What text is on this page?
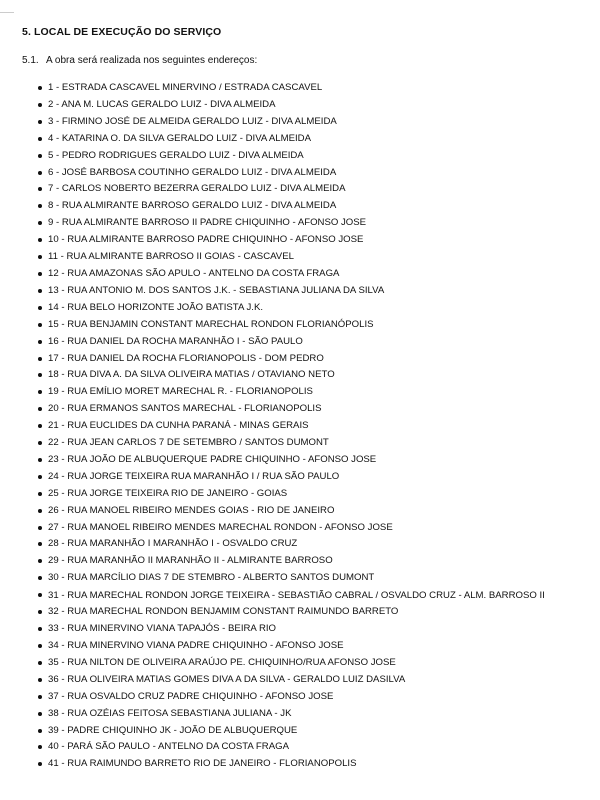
5. LOCAL DE EXECUÇÃO DO SERVIÇO
5.1. A obra será realizada nos seguintes endereços:
1 - ESTRADA CASCAVEL MINERVINO / ESTRADA CASCAVEL
2 - ANA M. LUCAS GERALDO LUIZ - DIVA ALMEIDA
3 - FIRMINO JOSÉ DE ALMEIDA GERALDO LUIZ - DIVA ALMEIDA
4 - KATARINA O. DA SILVA GERALDO LUIZ - DIVA ALMEIDA
5 - PEDRO RODRIGUES GERALDO LUIZ - DIVA ALMEIDA
6 - JOSÉ BARBOSA COUTINHO GERALDO LUIZ - DIVA ALMEIDA
7 - CARLOS NOBERTO BEZERRA GERALDO LUIZ - DIVA ALMEIDA
8 - RUA ALMIRANTE BARROSO GERALDO LUIZ - DIVA ALMEIDA
9 - RUA ALMIRANTE BARROSO II PADRE CHIQUINHO - AFONSO JOSE
10 - RUA ALMIRANTE BARROSO PADRE CHIQUINHO - AFONSO JOSE
11 - RUA ALMIRANTE BARROSO II GOIAS - CASCAVEL
12 - RUA AMAZONAS SÃO APULO - ANTELNO DA COSTA FRAGA
13 - RUA ANTONIO M. DOS SANTOS J.K. - SEBASTIANA JULIANA DA SILVA
14 - RUA BELO HORIZONTE JOÃO BATISTA J.K.
15 - RUA BENJAMIN CONSTANT MARECHAL RONDON FLORIANÓPOLIS
16 - RUA DANIEL DA ROCHA MARANHÃO I - SÃO PAULO
17 - RUA DANIEL DA ROCHA FLORIANOPOLIS - DOM PEDRO
18 - RUA DIVA A. DA SILVA OLIVEIRA MATIAS / OTAVIANO NETO
19 - RUA EMÍLIO MORET MARECHAL R. - FLORIANOPOLIS
20 - RUA ERMANOS SANTOS MARECHAL - FLORIANOPOLIS
21 - RUA EUCLIDES DA CUNHA PARANÁ - MINAS GERAIS
22 - RUA JEAN CARLOS 7 DE SETEMBRO / SANTOS DUMONT
23 - RUA JOÃO DE ALBUQUERQUE PADRE CHIQUINHO - AFONSO JOSE
24 - RUA JORGE TEIXEIRA RUA MARANHÃO I / RUA SÃO PAULO
25 - RUA JORGE TEIXEIRA RIO DE JANEIRO - GOIAS
26 - RUA MANOEL RIBEIRO MENDES GOIAS - RIO DE JANEIRO
27 - RUA MANOEL RIBEIRO MENDES MARECHAL RONDON - AFONSO JOSE
28 - RUA MARANHÃO I MARANHÃO I - OSVALDO CRUZ
29 - RUA MARANHÃO II MARANHÃO II - ALMIRANTE BARROSO
30 - RUA MARCÍLIO DIAS 7 DE STEMBRO - ALBERTO SANTOS DUMONT
31 - RUA MARECHAL RONDON JORGE TEIXEIRA - SEBASTIÃO CABRAL / OSVALDO CRUZ - ALM. BARROSO II
32 - RUA MARECHAL RONDON BENJAMIM CONSTANT RAIMUNDO BARRETO
33 - RUA MINERVINO VIANA TAPAJÓS - BEIRA RIO
34 - RUA MINERVINO VIANA PADRE CHIQUINHO - AFONSO JOSE
35 - RUA NILTON DE OLIVEIRA ARAÚJO PE. CHIQUINHO/RUA AFONSO JOSE
36 - RUA OLIVEIRA MATIAS GOMES DIVA A DA SILVA - GERALDO LUIZ DASILVA
37 - RUA OSVALDO CRUZ PADRE CHIQUINHO - AFONSO JOSE
38 - RUA OZÉIAS FEITOSA SEBASTIANA JULIANA - JK
39 - PADRE CHIQUINHO JK - JOÃO DE ALBUQUERQUE
40 - PARÁ SÃO PAULO - ANTELNO DA COSTA FRAGA
41 - RUA RAIMUNDO BARRETO RIO DE JANEIRO - FLORIANOPOLIS
